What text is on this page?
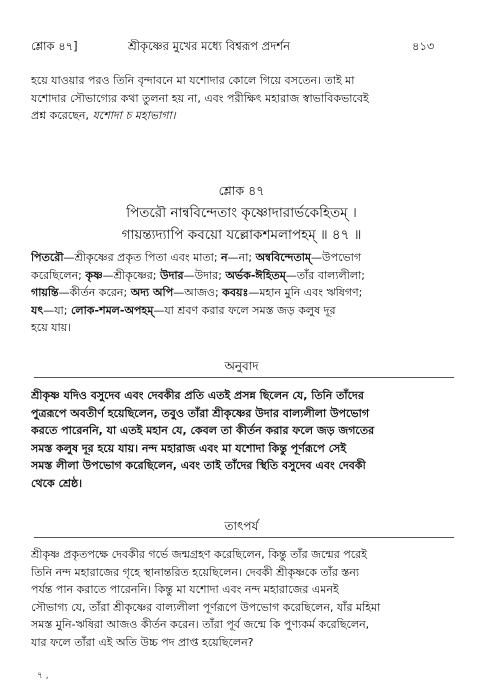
শ্লোক ৪৭]	শ্রীকৃষ্ণের মুখের মধ্যে বিশ্বরূপ প্রদর্শন	৪১৩
হয়ে যাওয়ার পরও তিনি বৃন্দাবনে মা যশোদার কোলে গিয়ে বসতেন। তাই মা
যশোদার সৌভাগ্যের কথা তুলনা হয় না, এবং পরীক্ষিৎ মহারাজ স্বাভাবিকভাবেই
প্রশ্ন করেছেন, যশোদা চ মহাভাগা।
শ্লোক ৪৭
পিতরৌ নান্ববিন্দেতাং কৃষ্ণোদারার্ভকেহিতম্‌ ।
গায়ন্ত্যদ্যাপি কবয়ো যল্লোকশমলাপহম্‌ ॥ ৪৭ ॥
পিতরৌ—শ্রীকৃষ্ণের প্রকৃত পিতা এবং মাতা; ন—না; অন্ববিন্দেতাম্‌—উপভোগ
করেছিলেন; কৃষ্ণ—শ্রীকৃষ্ণের; উদার—উদার; অর্ভক-ঈহিতম্‌—তাঁর বাল্যলীলা;
গায়ন্তি—কীর্তন করেন; অদ্য অপি—আজও; কবয়ঃ—মহান মুনি এবং ঋষিগণ;
যৎ—যা; লোক-শমল-অপহম্‌—যা শ্রবণ করার ফলে সমস্ত জড় কলুষ দূর
হয়ে যায়।
অনুবাদ
শ্রীকৃষ্ণ যদিও বসুদেব এবং দেবকীর প্রতি এতই প্রসন্ন ছিলেন যে, তিনি তাঁদের
পুত্ররূপে অবতীর্ণ হয়েছিলেন, তবুও তাঁরা শ্রীকৃষ্ণের উদার বাল্যলীলা উপভোগ
করতে পারেননি, যা এতই মহান যে, কেবল তা কীর্তন করার ফলে জড় জগতের
সমস্ত কলুষ দূর হয়ে যায়। নন্দ মহারাজ এবং মা যশোদা কিন্তু পূর্ণরূপে সেই
সমস্ত লীলা উপভোগ করেছিলেন, এবং তাই তাঁদের স্থিতি বসুদেব এবং দেবকী
থেকে শ্রেষ্ঠ।
তাৎপর্য
শ্রীকৃষ্ণ প্রকৃতপক্ষে দেবকীর গর্ভে জন্মগ্রহণ করেছিলেন, কিন্তু তাঁর জন্মের পরেই
তিনি নন্দ মহারাজের গৃহে স্থানান্তরিত হয়েছিলেন। দেবকী শ্রীকৃষ্ণকে তাঁর স্তন্য
পর্যন্ত পান করাতে পারেননি। কিন্তু মা যশোদা এবং নন্দ মহারাজের এমনই
সৌভাগ্য যে, তাঁরা শ্রীকৃষ্ণের বাল্যলীলা পূর্ণরূপে উপভোগ করেছিলেন, যাঁর মহিমা
সমস্ত মুনি-ঋষিরা আজও কীর্তন করেন। তাঁরা পূর্ব জন্মে কি পুণ্যকর্ম করেছিলেন,
যার ফলে তাঁরা এই অতি উচ্চ পদ প্রাপ্ত হয়েছিলেন?
৭ ,
